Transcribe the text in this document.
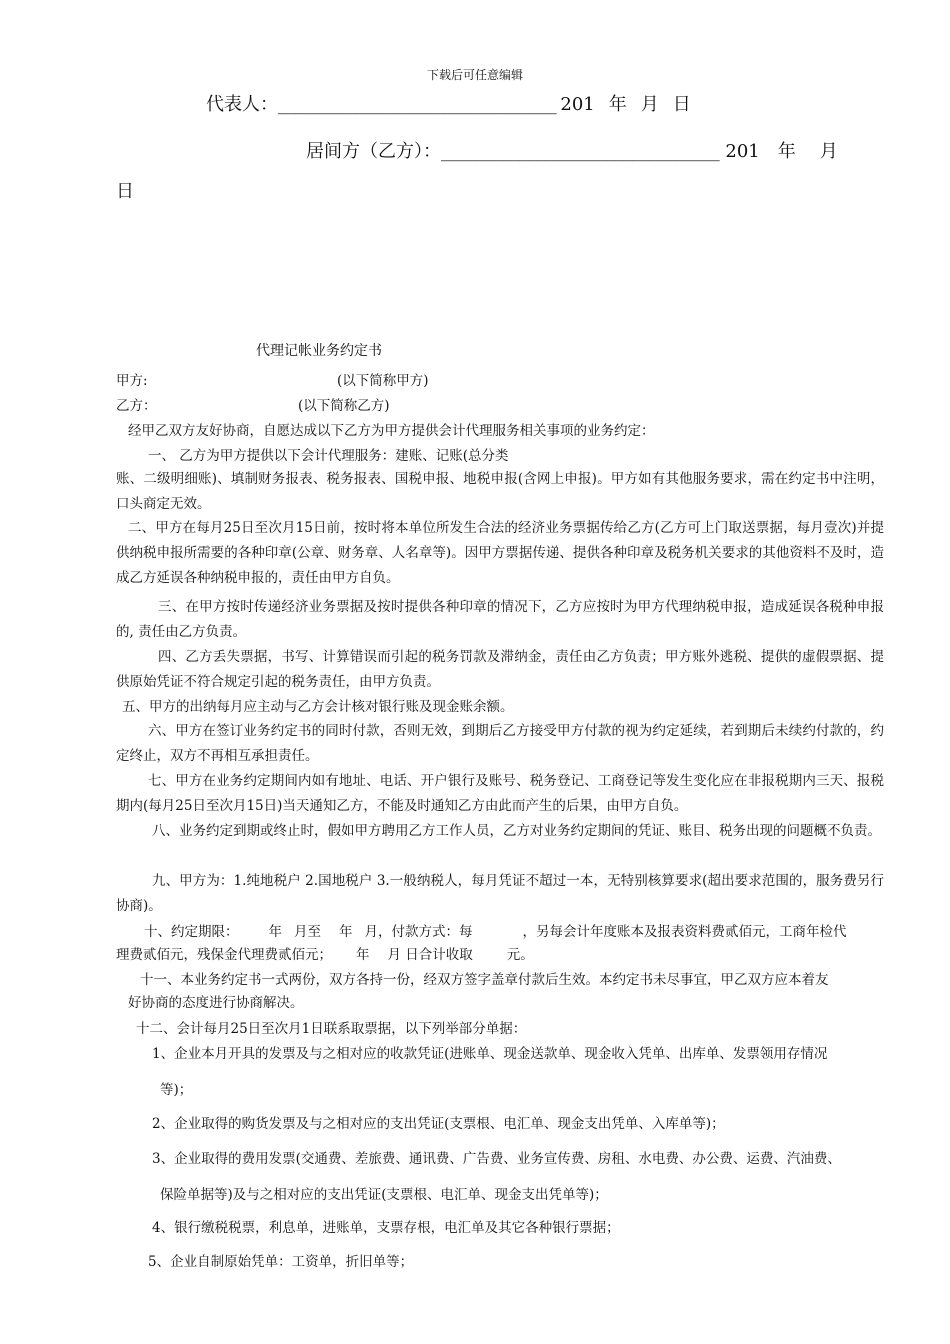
下载后可任意编辑
代表人：________________________________ 201 年 月 日
居间方（乙方）：________________________________ 201 年 月
日
代理记帐业务约定书
甲方:	(以下简称甲方)
乙方：	(以下简称乙方)
经甲乙双方友好协商，自愿达成以下乙方为甲方提供会计代理服务相关事项的业务约定：
一、 乙方为甲方提供以下会计代理服务：建账、记账(总分类
账、二级明细账)、填制财务报表、税务报表、国税申报、地税申报(含网上申报)。甲方如有其他服务要求，需在约定书中注明，口头商定无效。
二、甲方在每月25日至次月15日前，按时将本单位所发生合法的经济业务票据传给乙方(乙方可上门取送票据，每月壹次)并提供纳税申报所需要的各种印章(公章、财务章、人名章等)。因甲方票据传递、提供各种印章及税务机关要求的其他资料不及时，造成乙方延误各种纳税申报的，责任由甲方自负。
三、在甲方按时传递经济业务票据及按时提供各种印章的情况下，乙方应按时为甲方代理纳税申报，造成延误各税种申报的, 责任由乙方负责。
四、乙方丢失票据，书写、计算错误而引起的税务罚款及滞纳金，责任由乙方负责；甲方账外逃税、提供的虚假票据、提供原始凭证不符合规定引起的税务责任，由甲方负责。
五、甲方的出纳每月应主动与乙方会计核对银行账及现金账余额。
六、甲方在签订业务约定书的同时付款，否则无效，到期后乙方接受甲方付款的视为约定延续，若到期后未续约付款的，约定终止，双方不再相互承担责任。
七、甲方在业务约定期间内如有地址、电话、开户银行及账号、税务登记、工商登记等发生变化应在非报税期内三天、报税期内(每月25日至次月15日)当天通知乙方，不能及时通知乙方由此而产生的后果，由甲方自负。
八、业务约定到期或终止时，假如甲方聘用乙方工作人员，乙方对业务约定期间的凭证、账目、税务出现的问题概不负责。
九、甲方为：1.纯地税户 2.国地税户 3.一般纳税人，每月凭证不超过一本，无特别核算要求(超出要求范围的，服务费另行协商)。
十、约定期限： 年 月至 年 月，付款方式：每	，另每会计年度账本及报表资料费贰佰元，工商年检代
理费贰佰元，残保金代理费贰佰元； 年 月 日合计收取	元。
十一、本业务约定书一式两份，双方各持一份，经双方签字盖章付款后生效。本约定书未尽事宜，甲乙双方应本着友
好协商的态度进行协商解决。
十二、会计每月25日至次月1日联系取票据，以下列举部分单据：
1、企业本月开具的发票及与之相对应的收款凭证(进账单、现金送款单、现金收入凭单、出库单、发票领用存情况
等)；
2、企业取得的购货发票及与之相对应的支出凭证(支票根、电汇单、现金支出凭单、入库单等)；
3、企业取得的费用发票(交通费、差旅费、通讯费、广告费、业务宣传费、房租、水电费、办公费、运费、汽油费、
保险单据等)及与之相对应的支出凭证(支票根、电汇单、现金支出凭单等)；
4、银行缴税税票，利息单，进账单，支票存根，电汇单及其它各种银行票据；
5、企业自制原始凭单：工资单，折旧单等；
